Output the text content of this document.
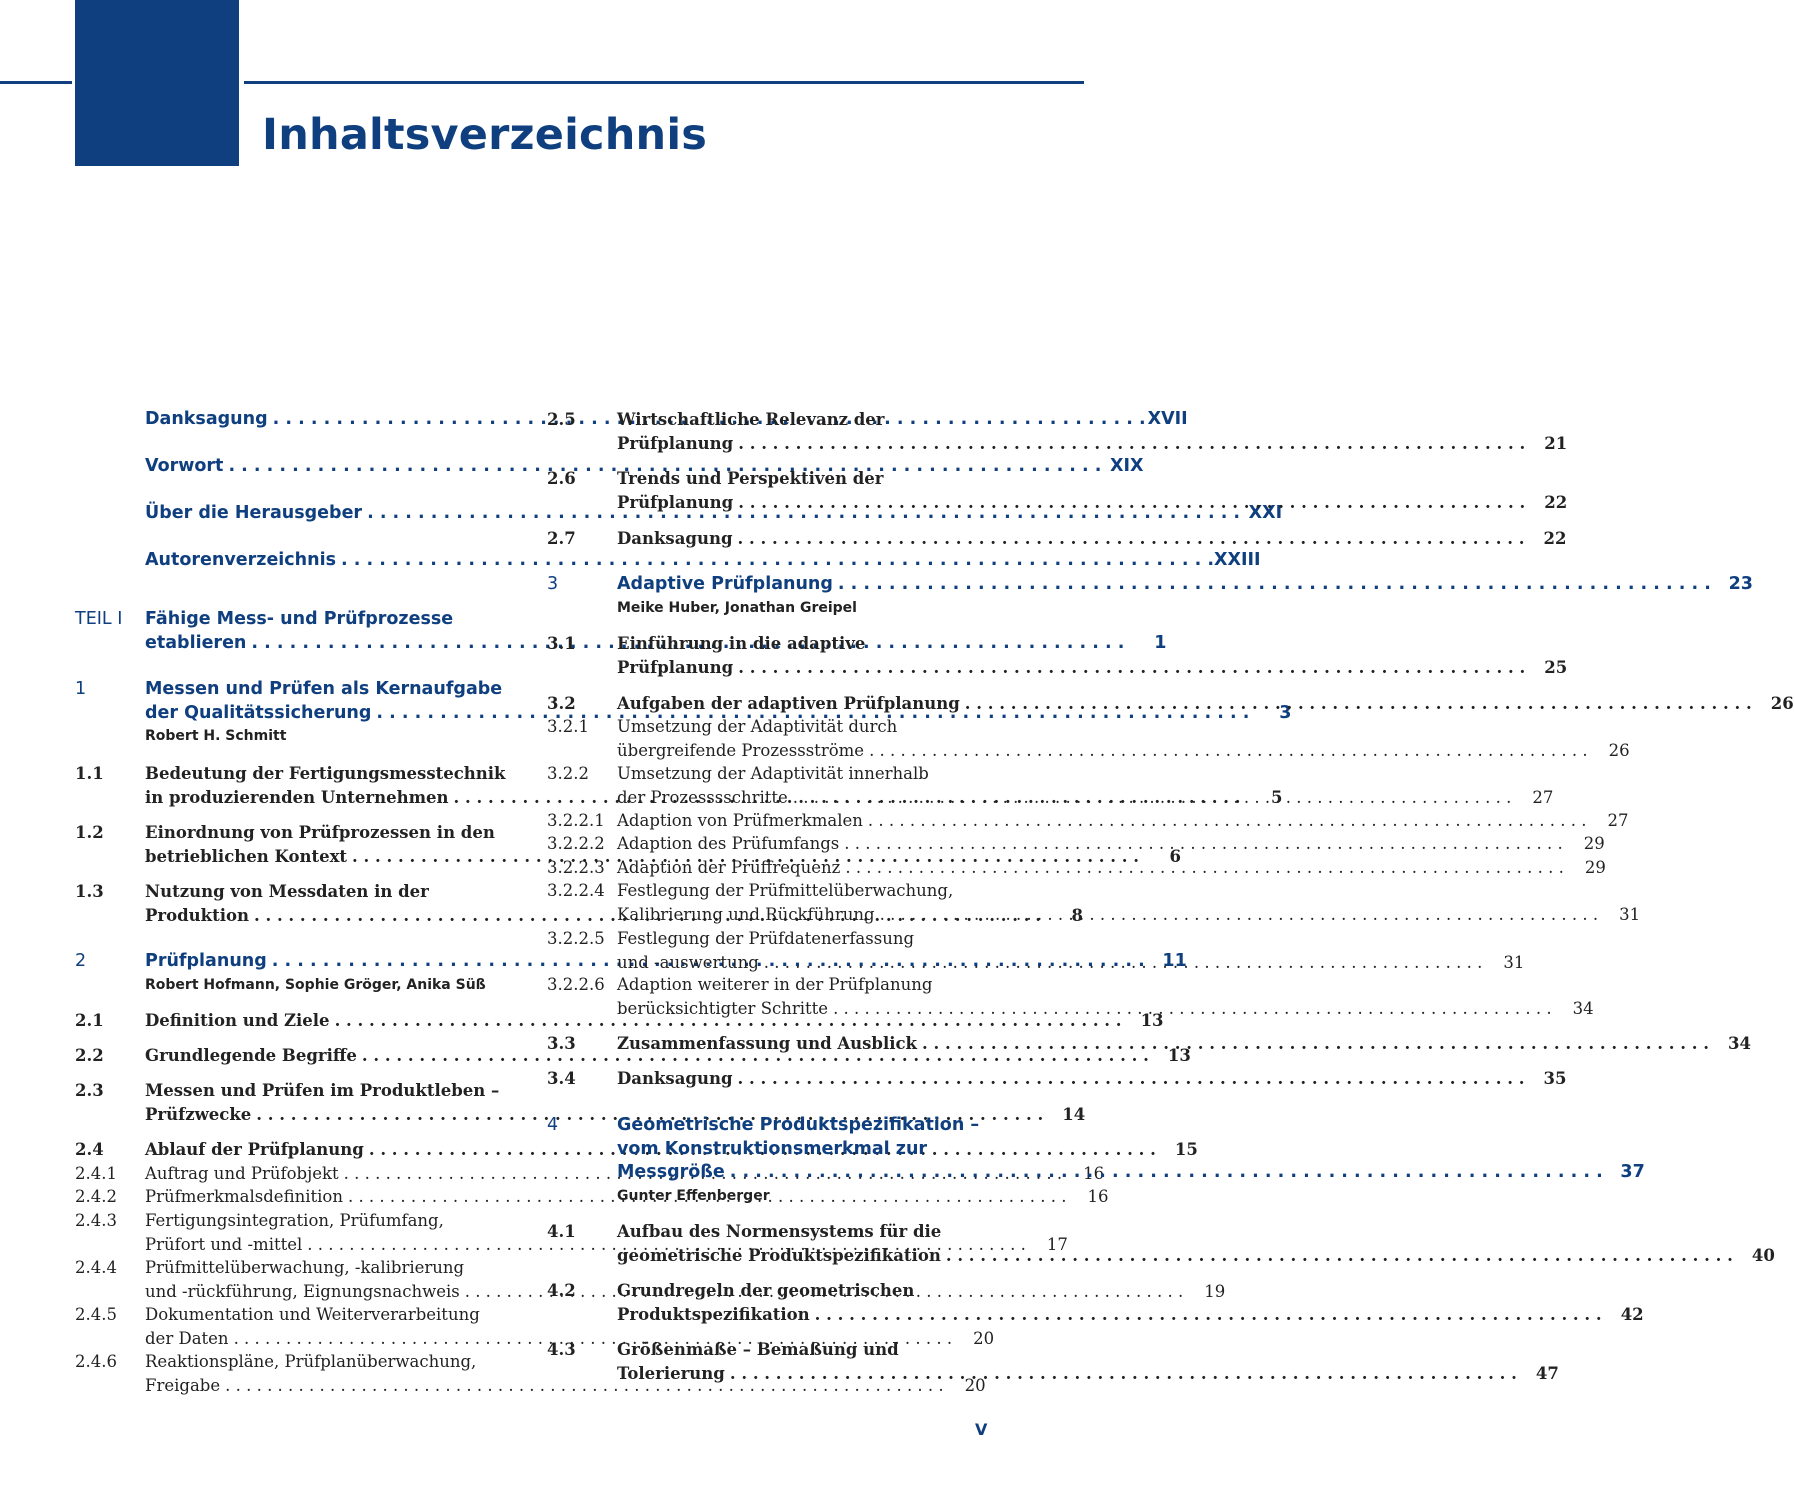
Inhaltsverzeichnis
Danksagung . . .	XVII
Vorwort . . .	XIX
Über die Herausgeber . . .	XXI
Autorenverzeichnis . . .	XXIII
TEIL I	Fähige Mess- und Prüfprozesse
etablieren . . .	1
1	Messen und Prüfen als Kernaufgabe
der Qualitätssicherung . . .	3
Robert H. Schmitt
1.1	Bedeutung der Fertigungsmesstechnik
in produzierenden Unternehmen . . .	5
1.2	Einordnung von Prüfprozessen in den
betrieblichen Kontext . . .	6
1.3	Nutzung von Messdaten in der
Produktion . . .	8
2	Prüfplanung . . .	11
Robert Hofmann, Sophie Gröger, Anika Süß
2.1	Definition und Ziele . . .	13
2.2	Grundlegende Begriffe . . .	13
2.3	Messen und Prüfen im Produktleben –
Prüfzwecke . . .	14
2.4	Ablauf der Prüfplanung . . .	15
2.4.1	Auftrag und Prüfobjekt . . .	16
2.4.2	Prüfmerkmalsdefinition . . .	16
2.4.3	Fertigungsintegration, Prüfumfang,
Prüfort und -mittel . . .	17
2.4.4	Prüfmittelüberwachung, -kalibrierung
und -rückführung, Eignungsnachweis . . .	19
2.4.5	Dokumentation und Weiterverarbeitung
der Daten . . .	20
2.4.6	Reaktionspläne, Prüfplanüberwachung,
Freigabe . . .	20
2.5	Wirtschaftliche Relevanz der
Prüfplanung . . .	21
2.6	Trends und Perspektiven der
Prüfplanung . . .	22
2.7	Danksagung . . .	22
3	Adaptive Prüfplanung . . .	23
Meike Huber, Jonathan Greipel
3.1	Einführung in die adaptive
Prüfplanung . . .	25
3.2	Aufgaben der adaptiven Prüfplanung . . .	26
3.2.1	Umsetzung der Adaptivität durch
übergreifende Prozessströme . . .	26
3.2.2	Umsetzung der Adaptivität innerhalb
der Prozesssschritte . . .	27
3.2.2.1 Adaption von Prüfmerkmalen . . .	27
3.2.2.2 Adaption des Prüfumfangs . . .	29
3.2.2.3 Adaption der Prüffrequenz . . .	29
3.2.2.4 Festlegung der Prüfmittelüberwachung,
Kalibrierung und Rückführung . . .	31
3.2.2.5 Festlegung der Prüfdatenerfassung
und -auswertung . . .	31
3.2.2.6 Adaption weiterer in der Prüfplanung
berücksichtigter Schritte . . .	34
3.3	Zusammenfassung und Ausblick . . .	34
3.4	Danksagung . . .	35
4	Geometrische Produktspezifikation –
vom Konstruktionsmerkmal zur
Messgröße . . .	37
Gunter Effenberger
4.1	Aufbau des Normensystems für die
geometrische Produktspezifikation . . .	40
4.2	Grundregeln der geometrischen
Produktspezifikation . . .	42
4.3	Größenmaße – Bemaßung und
Tolerierung . . .	47
V
